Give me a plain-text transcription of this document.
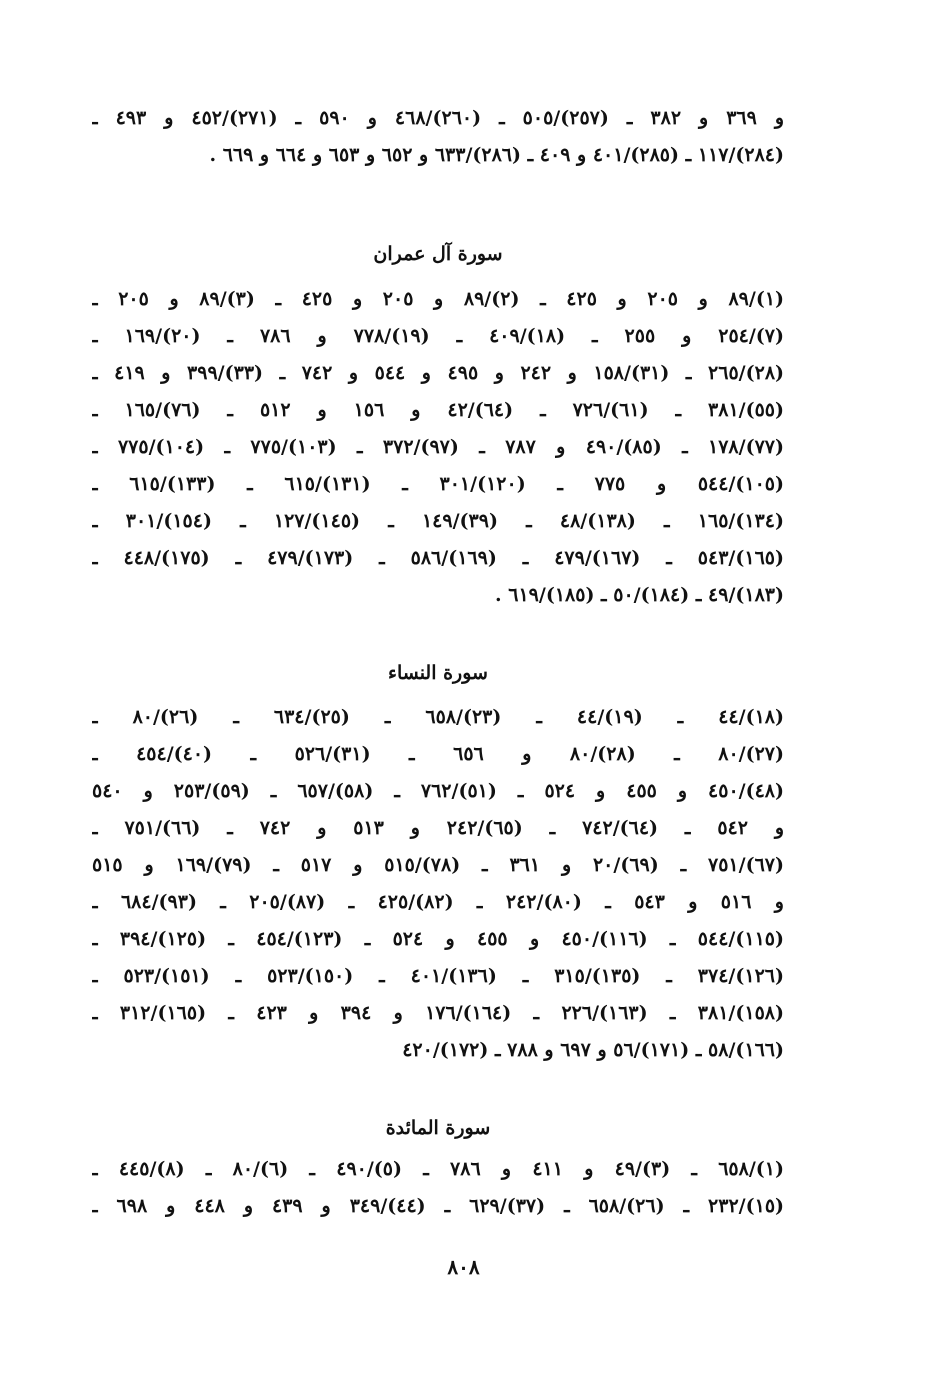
و ٣٦٩ و ٣٨٢ ـ (٢٥٧)/٥٠٥ ـ (٢٦٠)/٤٦٨ و ٥٩٠ ـ (٢٧١)/٤٥٢ و ٤٩٣ ـ
(٢٨٤)/١١٧ ـ (٢٨٥)/٤٠١ و ٤٠٩ ـ (٢٨٦)/٦٣٣ و ٦٥٢ و ٦٥٣ و ٦٦٤ و ٦٦٩ .
سورة آل عمران
(١)/٨٩ و ٢٠٥ و ٤٢٥ ـ (٢)/٨٩ و ٢٠٥ و ٤٢٥ ـ (٣)/٨٩ و ٢٠٥ ـ
(٧)/٢٥٤ و ٢٥٥ ـ (١٨)/٤٠٩ ـ (١٩)/٧٧٨ و ٧٨٦ ـ (٢٠)/١٦٩ ـ
(٢٨)/٢٦٥ ـ (٣١)/١٥٨ و ٢٤٢ و ٤٩٥ و ٥٤٤ و ٧٤٢ ـ (٣٣)/٣٩٩ و ٤١٩ ـ
(٥٥)/٣٨١ ـ (٦١)/٧٢٦ ـ (٦٤)/٤٢ و ١٥٦ و ٥١٢ ـ (٧٦)/١٦٥ ـ
(٧٧)/١٧٨ ـ (٨٥)/٤٩٠ و ٧٨٧ ـ (٩٧)/٣٧٢ ـ (١٠٣)/٧٧٥ ـ (١٠٤)/٧٧٥ ـ
(١٠٥)/٥٤٤ و ٧٧٥ ـ (١٢٠)/٣٠١ ـ (١٣١)/٦١٥ ـ (١٣٣)/٦١٥ ـ
(١٣٤)/١٦٥ ـ (١٣٨)/٤٨ ـ (٣٩)/١٤٩ ـ (١٤٥)/١٢٧ ـ (١٥٤)/٣٠١ ـ
(١٦٥)/٥٤٣ ـ (١٦٧)/٤٧٩ ـ (١٦٩)/٥٨٦ ـ (١٧٣)/٤٧٩ ـ (١٧٥)/٤٤٨ ـ
(١٨٣)/٤٩ ـ (١٨٤)/٥٠ ـ (١٨٥)/٦١٩ .
سورة النساء
(١٨)/٤٤ ـ (١٩)/٤٤ ـ (٢٣)/٦٥٨ ـ (٢٥)/٦٣٤ ـ (٢٦)/٨٠ ـ
(٢٧)/٨٠ ـ (٢٨)/٨٠ و ٦٥٦ ـ (٣١)/٥٢٦ ـ (٤٠)/٤٥٤ ـ
(٤٨)/٤٥٠ و ٤٥٥ و ٥٢٤ ـ (٥١)/٧٦٢ ـ (٥٨)/٦٥٧ ـ (٥٩)/٢٥٣ و ٥٤٠
و ٥٤٢ ـ (٦٤)/٧٤٢ ـ (٦٥)/٢٤٢ و ٥١٣ و ٧٤٢ ـ (٦٦)/٧٥١ ـ
(٦٧)/٧٥١ ـ (٦٩)/٢٠ و ٣٦١ ـ (٧٨)/٥١٥ و ٥١٧ ـ (٧٩)/١٦٩ و ٥١٥
و ٥١٦ و ٥٤٣ ـ (٨٠)/٢٤٢ ـ (٨٢)/٤٢٥ ـ (٨٧)/٢٠٥ ـ (٩٣)/٦٨٤ ـ
(١١٥)/٥٤٤ ـ (١١٦)/٤٥٠ و ٤٥٥ و ٥٢٤ ـ (١٢٣)/٤٥٤ ـ (١٢٥)/٣٩٤ ـ
(١٢٦)/٣٧٤ ـ (١٣٥)/٣١٥ ـ (١٣٦)/٤٠١ ـ (١٥٠)/٥٢٣ ـ (١٥١)/٥٢٣ ـ
(١٥٨)/٣٨١ ـ (١٦٣)/٢٢٦ ـ (١٦٤)/١٧٦ و ٣٩٤ و ٤٢٣ ـ (١٦٥)/٣١٢ ـ
(١٦٦)/٥٨ ـ (١٧١)/٥٦ و ٦٩٧ و ٧٨٨ ـ (١٧٢)/٤٢٠
سورة المائدة
(١)/٦٥٨ ـ (٣)/٤٩ و ٤١١ و ٧٨٦ ـ (٥)/٤٩٠ ـ (٦)/٨٠ ـ (٨)/٤٤٥ ـ
(١٥)/٢٣٢ ـ (٢٦)/٦٥٨ ـ (٣٧)/٦٢٩ ـ (٤٤)/٣٤٩ و ٤٣٩ و ٤٤٨ و ٦٩٨ ـ
٨٠٨
